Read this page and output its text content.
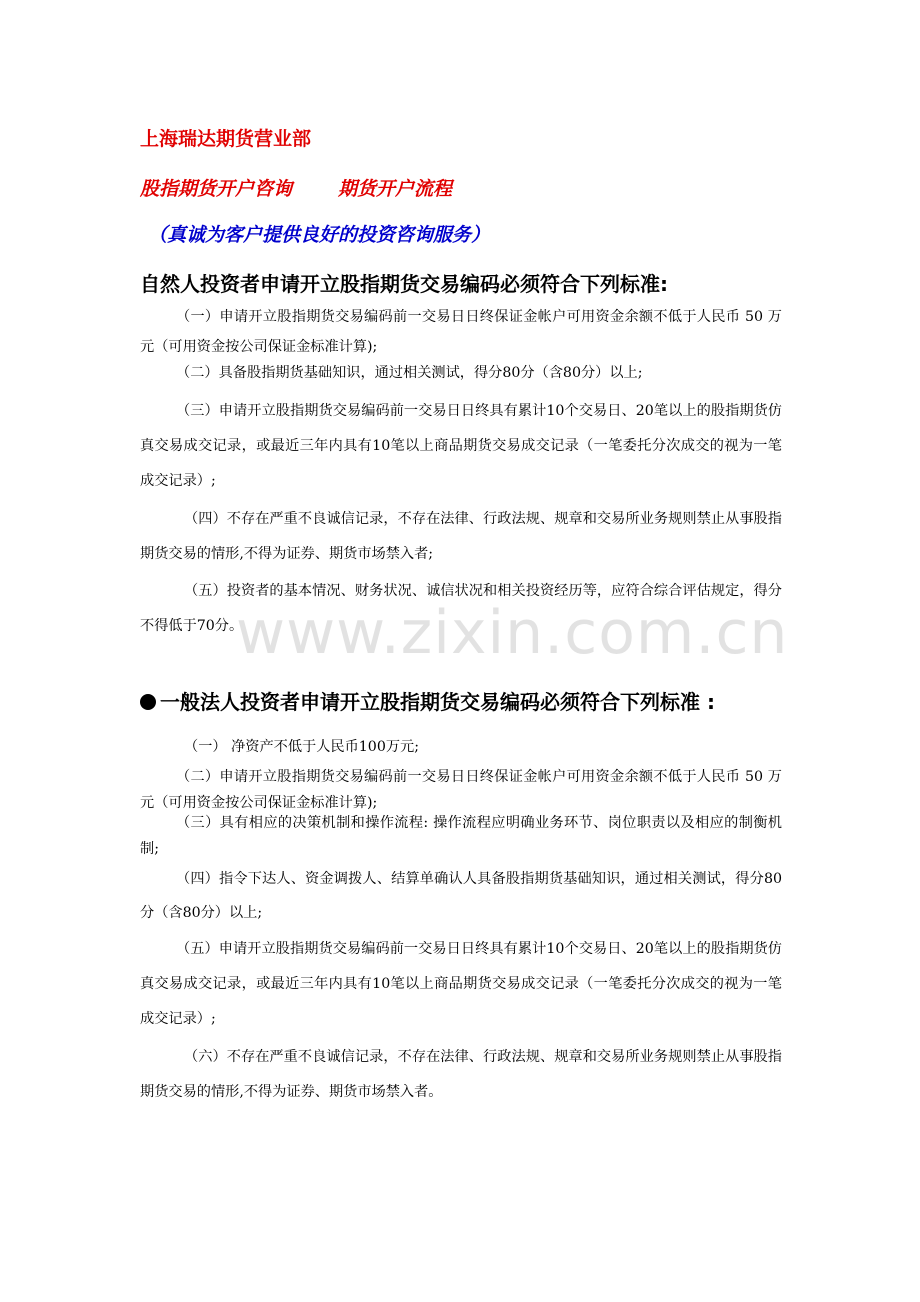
上海瑞达期货营业部
股指期货开户咨询 期货开户流程
（真诚为客户提供良好的投资咨询服务）
自然人投资者申请开立股指期货交易编码必须符合下列标准:
（一）申请开立股指期货交易编码前一交易日日终保证金帐户可用资金余额不低于人民币 50 万元（可用资金按公司保证金标准计算);
（二）具备股指期货基础知识，通过相关测试，得分80分（含80分）以上;
（三）申请开立股指期货交易编码前一交易日日终具有累计10个交易日、20笔以上的股指期货仿真交易成交记录，或最近三年内具有10笔以上商品期货交易成交记录（一笔委托分次成交的视为一笔成交记录）;
（四）不存在严重不良诚信记录，不存在法律、行政法规、规章和交易所业务规则禁止从事股指期货交易的情形,不得为证券、期货市场禁入者;
（五）投资者的基本情况、财务状况、诚信状况和相关投资经历等，应符合综合评估规定，得分不得低于70分。
www.zixin.com.cn
一般法人投资者申请开立股指期货交易编码必须符合下列标准 :
（一） 净资产不低于人民币100万元;
（二）申请开立股指期货交易编码前一交易日日终保证金帐户可用资金余额不低于人民币 50 万元（可用资金按公司保证金标准计算);
（三）具有相应的决策机制和操作流程: 操作流程应明确业务环节、岗位职责以及相应的制衡机制;
（四）指令下达人、资金调拨人、结算单确认人具备股指期货基础知识，通过相关测试，得分80分（含80分）以上;
（五）申请开立股指期货交易编码前一交易日日终具有累计10个交易日、20笔以上的股指期货仿真交易成交记录，或最近三年内具有10笔以上商品期货交易成交记录（一笔委托分次成交的视为一笔成交记录）;
（六）不存在严重不良诚信记录，不存在法律、行政法规、规章和交易所业务规则禁止从事股指期货交易的情形,不得为证券、期货市场禁入者。
